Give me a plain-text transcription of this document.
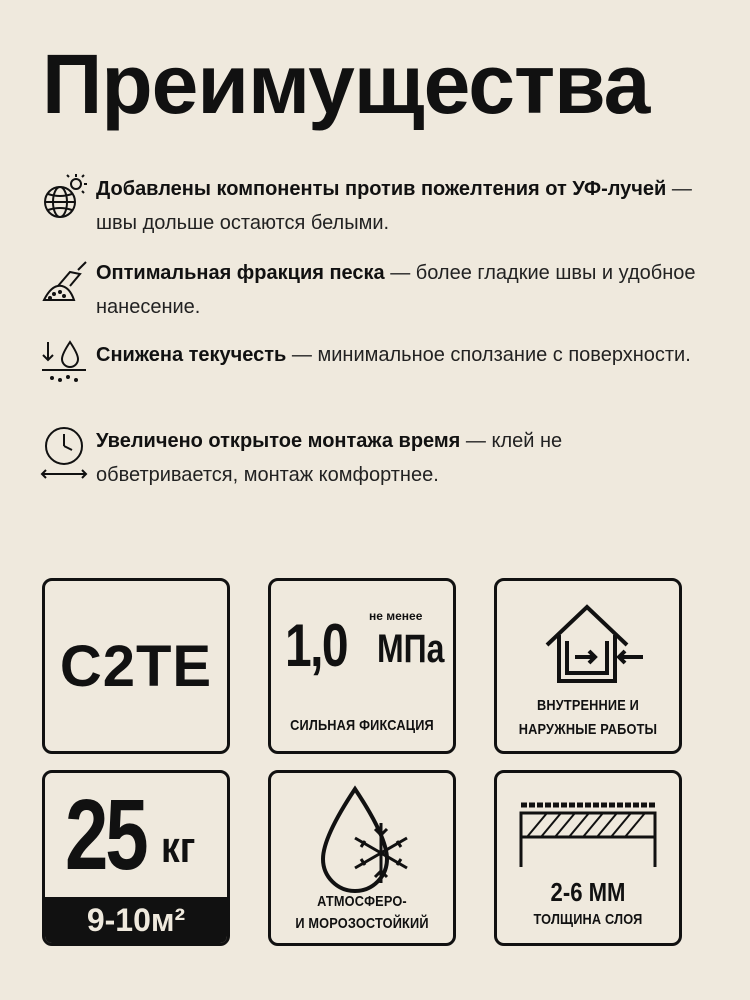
Преимущества
Добавлены компоненты против пожелтения от УФ-лучей — швы дольше остаются белыми.
Оптимальная фракция песка — более гладкие швы и удобное нанесение.
Снижена текучесть — минимальное сползание с поверхности.
Увеличено открытое монтажа время — клей не обветривается, монтаж комфортнее.
C2TE 1,0 не менее
МПа
СИЛЬНАЯ ФИКСАЦИЯ
ВНУТРЕННИЕ И
НАРУЖНЫЕ РАБОТЫ
25 кг
9-10м²
АТМОСФЕРО-
И МОРОЗОСТОЙКИЙ
2-6 ММ
ТОЛЩИНА СЛОЯ
